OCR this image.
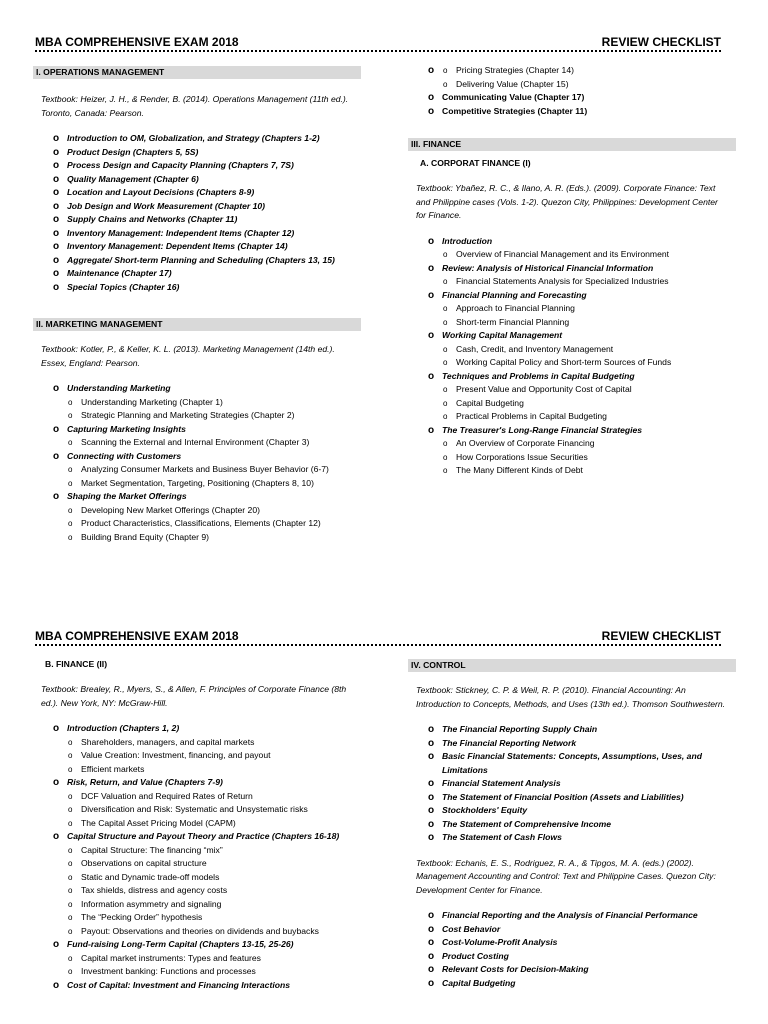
MBA COMPREHENSIVE EXAM 2018	REVIEW CHECKLIST
I. OPERATIONS MANAGEMENT
Textbook: Heizer, J. H., & Render, B. (2014). Operations Management (11th ed.). Toronto, Canada: Pearson.
o Introduction to OM, Globalization, and Strategy (Chapters 1-2)
o Product Design (Chapters 5, 5S)
o Process Design and Capacity Planning (Chapters 7, 7S)
o Quality Management (Chapter 6)
o Location and Layout Decisions (Chapters 8-9)
o Job Design and Work Measurement (Chapter 10)
o Supply Chains and Networks (Chapter 11)
o Inventory Management: Independent Items (Chapter 12)
o Inventory Management: Dependent Items (Chapter 14)
o Aggregate/ Short-term Planning and Scheduling (Chapters 13, 15)
o Maintenance (Chapter 17)
o Special Topics (Chapter 16)
II. MARKETING MANAGEMENT
Textbook: Kotler, P., & Keller, K. L. (2013). Marketing Management (14th ed.). Essex, England: Pearson.
o Understanding Marketing
o Understanding Marketing (Chapter 1)
o Strategic Planning and Marketing Strategies (Chapter 2)
o Capturing Marketing Insights
o Scanning the External and Internal Environment (Chapter 3)
o Connecting with Customers
o Analyzing Consumer Markets and Business Buyer Behavior (6-7)
o Market Segmentation, Targeting, Positioning (Chapters 8, 10)
o Shaping the Market Offerings
o Developing New Market Offerings (Chapter 20)
o Product Characteristics, Classifications, Elements (Chapter 12)
o Building Brand Equity (Chapter 9)
o o Pricing Strategies (Chapter 14)
o Delivering Value (Chapter 15)
o Communicating Value (Chapter 17)
o Competitive Strategies (Chapter 11)
III. FINANCE
A. CORPORAT FINANCE (I)
Textbook: Ybañez, R. C., & Ilano, A. R. (Eds.). (2009). Corporate Finance: Text and Philippine cases (Vols. 1-2). Quezon City, Philippines: Development Center for Finance.
o Introduction
o Overview of Financial Management and its Environment
o Review: Analysis of Historical Financial Information
o Financial Statements Analysis for Specialized Industries
o Financial Planning and Forecasting
o Approach to Financial Planning
o Short-term Financial Planning
o Working Capital Management
o Cash, Credit, and Inventory Management
o Working Capital Policy and Short-term Sources of Funds
o Techniques and Problems in Capital Budgeting
o Present Value and Opportunity Cost of Capital
o Capital Budgeting
o Practical Problems in Capital Budgeting
o The Treasurer's Long-Range Financial Strategies
o An Overview of Corporate Financing
o How Corporations Issue Securities
o The Many Different Kinds of Debt
MBA COMPREHENSIVE EXAM 2018	REVIEW CHECKLIST
B. FINANCE (II)
Textbook: Brealey, R., Myers, S., & Allen, F. Principles of Corporate Finance (8th ed.). New York, NY: McGraw-Hill.
o Introduction (Chapters 1, 2)
o Shareholders, managers, and capital markets
o Value Creation: Investment, financing, and payout
o Efficient markets
o Risk, Return, and Value (Chapters 7-9)
o DCF Valuation and Required Rates of Return
o Diversification and Risk: Systematic and Unsystematic risks
o The Capital Asset Pricing Model (CAPM)
o Capital Structure and Payout Theory and Practice (Chapters 16-18)
o Capital Structure: The financing “mix”
o Observations on capital structure
o Static and Dynamic trade-off models
o Tax shields, distress and agency costs
o Information asymmetry and signaling
o The “Pecking Order” hypothesis
o Payout: Observations and theories on dividends and buybacks
o Fund-raising Long-Term Capital (Chapters 13-15, 25-26)
o Capital market instruments: Types and features
o Investment banking: Functions and processes
o Cost of Capital: Investment and Financing Interactions
IV. CONTROL
Textbook: Stickney, C. P. & Weil, R. P. (2010). Financial Accounting: An Introduction to Concepts, Methods, and Uses (13th ed.). Thomson Southwestern.
o The Financial Reporting Supply Chain
o The Financial Reporting Network
o Basic Financial Statements: Concepts, Assumptions, Uses, and Limitations
o Financial Statement Analysis
o The Statement of Financial Position (Assets and Liabilities)
o Stockholders' Equity
o The Statement of Comprehensive Income
o The Statement of Cash Flows
Textbook: Echanis, E. S., Rodriguez, R. A., & Tipgos, M. A. (eds.) (2002). Management Accounting and Control: Text and Philippine Cases. Quezon City: Development Center for Finance.
o Financial Reporting and the Analysis of Financial Performance
o Cost Behavior
o Cost-Volume-Profit Analysis
o Product Costing
o Relevant Costs for Decision-Making
o Capital Budgeting
